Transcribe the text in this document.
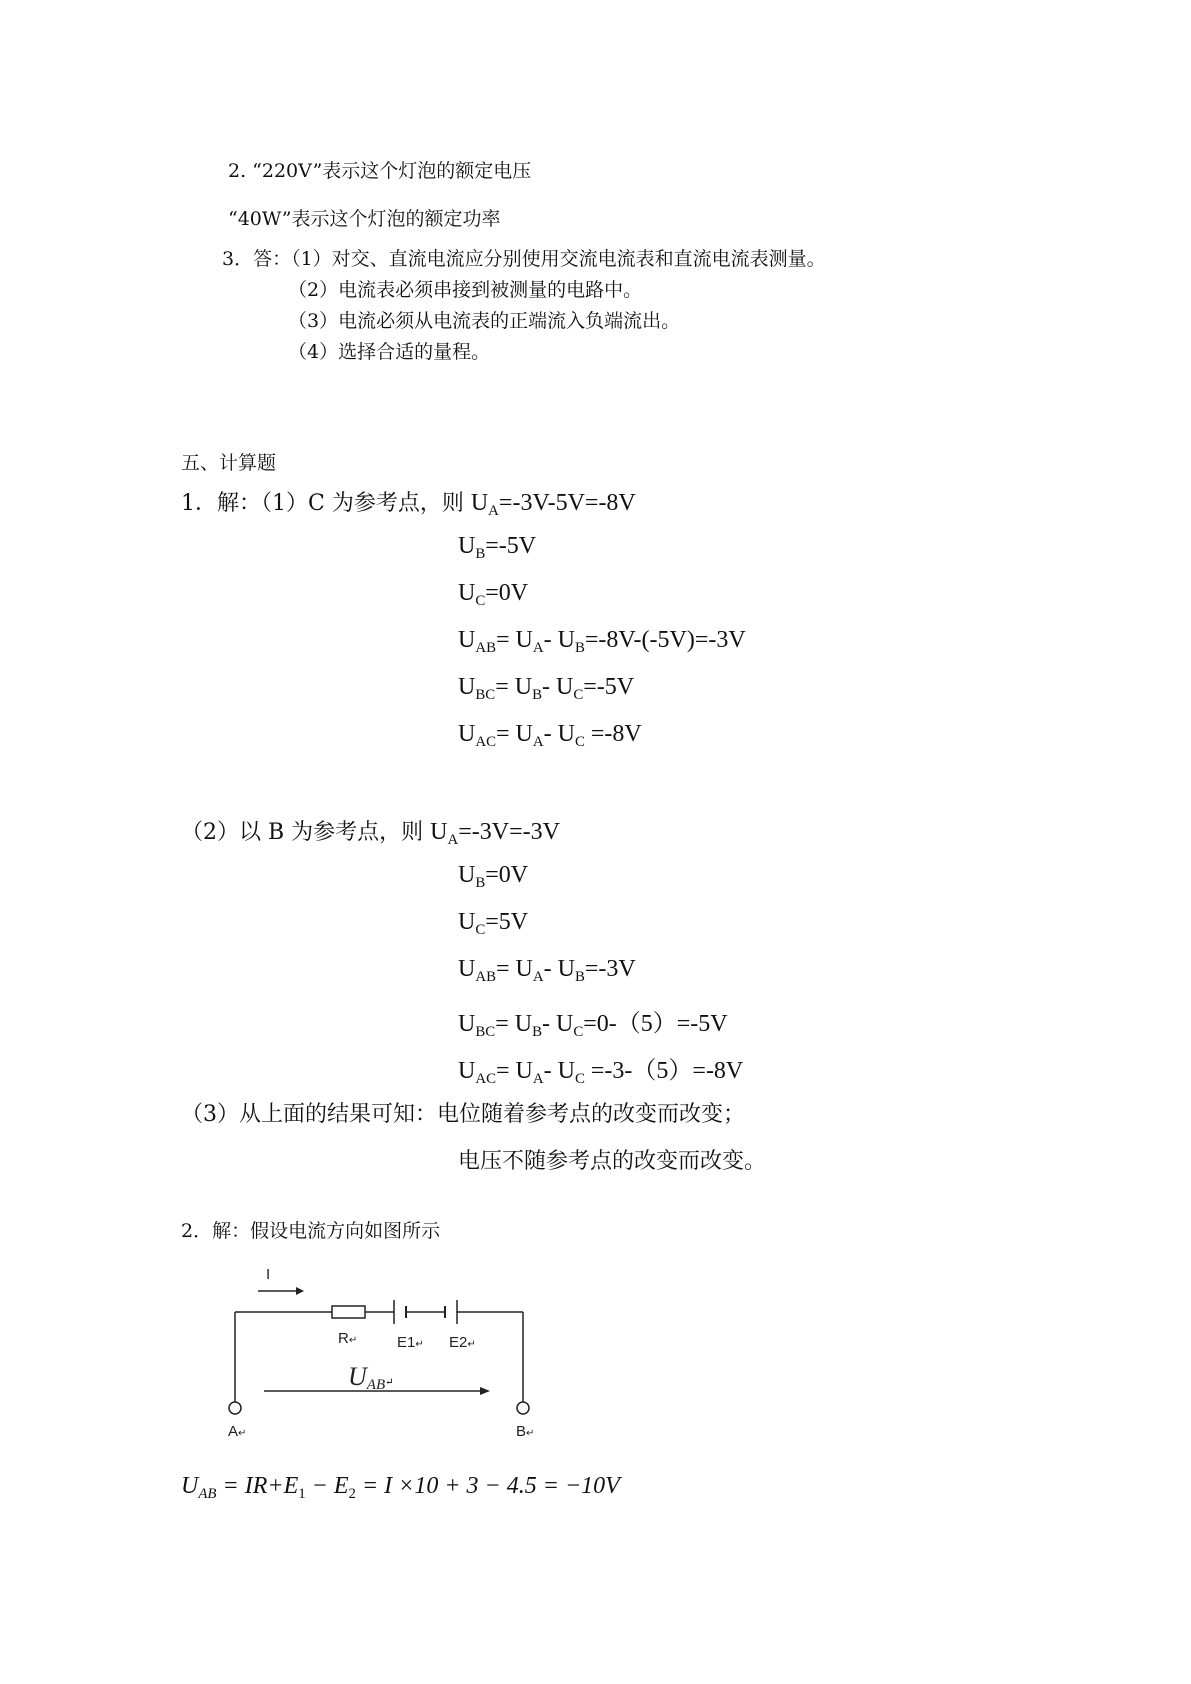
2. “220V”表示这个灯泡的额定电压
“40W”表示这个灯泡的额定功率
3．答：（1）对交、直流电流应分别使用交流电流表和直流电流表测量。
（2）电流表必须串接到被测量的电路中。
（3）电流必须从电流表的正端流入负端流出。
（4）选择合适的量程。
五、计算题
1．解：（1）C 为参考点，则 $U_A=-3V-5V=-8V$
$U_B=-5V$
$U_C=0V$
$U_{AB}= U_A-$ $U_B=-8V-(-5V)=-3V$
$U_{BC}= U_B-$ $U_C=-5V$
$U_{AC}= U_A-$ $U_C =-8V$
（2）以 B 为参考点，则 $U_A=-3V=-3V$
$U_B=0V$
$U_C=5V$
$U_{AB}= U_A-$ $U_B=-3V$
$U_{BC}= U_B-$ $U_C=0-(5)=-5V$
$U_{AC}= U_A-$ $U_C =-3-(5)=-8V$
（3）从上面的结果可知：电位随着参考点的改变而改变；
电压不随参考点的改变而改变。
2．解：假设电流方向如图所示
I
R↵	E1↵ E2↵
UAB↵
A↵	B↵
$U_{AB} = IR+E_1 - E_2 = I \times 10 + 3 - 4.5 = -10V$
